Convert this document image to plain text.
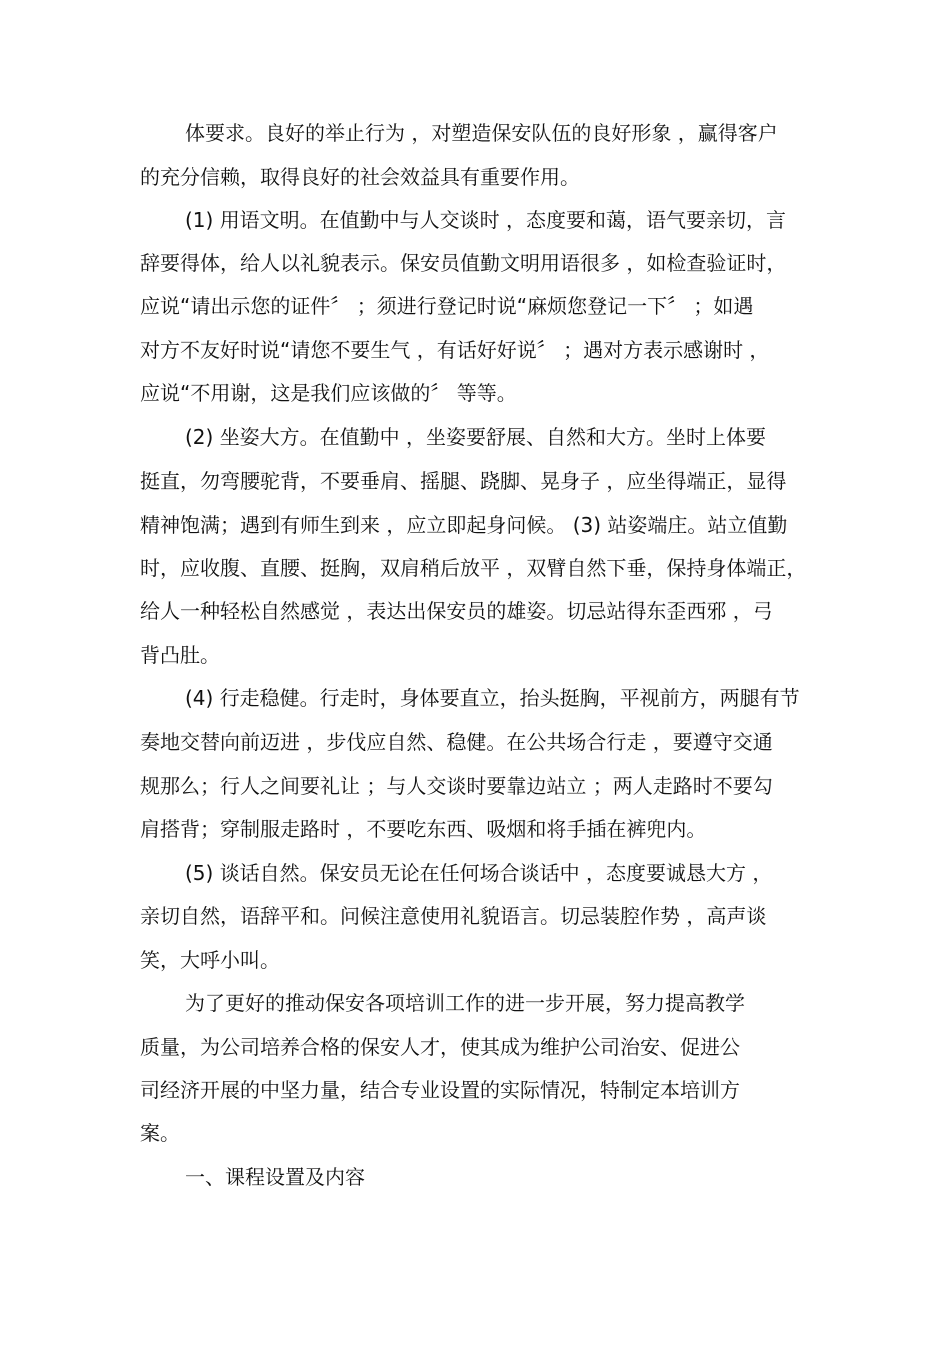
体要求。良好的举止行为 ，对塑造保安队伍的良好形象 ，赢得客户
的充分信赖，取得良好的社会效益具有重要作用。
(1) 用语文明。在值勤中与人交谈时 ，态度要和蔼，语气要亲切，言
辞要得体，给人以礼貌表示。保安员值勤文明用语很多 ，如检查验证时，
应说“请出示您的证件〞 ；须进行登记时说“麻烦您登记一下〞 ；如遇
对方不友好时说“请您不要生气 ，有话好好说〞 ；遇对方表示感谢时 ，
应说“不用谢，这是我们应该做的〞 等等。
(2) 坐姿大方。在值勤中 ，坐姿要舒展、自然和大方。坐时上体要
挺直，勿弯腰驼背，不要垂肩、摇腿、跷脚、晃身子 ，应坐得端正，显得
精神饱满；遇到有师生到来 ，应立即起身问候。 (3) 站姿端庄。站立值勤
时，应收腹、直腰、挺胸，双肩稍后放平 ，双臂自然下垂，保持身体端正，
给人一种轻松自然感觉 ，表达出保安员的雄姿。切忌站得东歪西邪 ，弓
背凸肚。
(4) 行走稳健。行走时，身体要直立，抬头挺胸，平视前方，两腿有节
奏地交替向前迈进 ，步伐应自然、稳健。在公共场合行走 ，要遵守交通
规那么；行人之间要礼让 ；与人交谈时要靠边站立 ；两人走路时不要勾
肩搭背；穿制服走路时 ，不要吃东西、吸烟和将手插在裤兜内。
(5) 谈话自然。保安员无论在任何场合谈话中 ，态度要诚恳大方 ，
亲切自然，语辞平和。问候注意使用礼貌语言。切忌装腔作势 ，高声谈
笑，大呼小叫。
为了更好的推动保安各项培训工作的进一步开展，努力提高教学
质量，为公司培养合格的保安人才，使其成为维护公司治安、促进公
司经济开展的中坚力量，结合专业设置的实际情况，特制定本培训方
案。
一、课程设置及内容
